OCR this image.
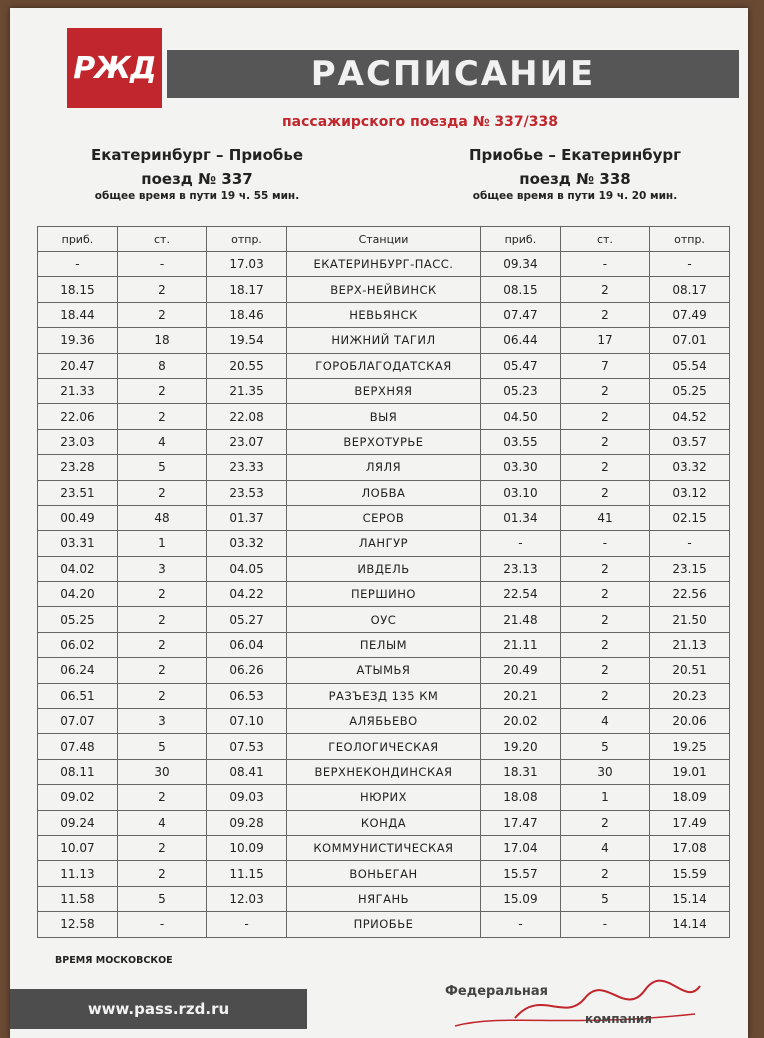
РЖД	РАСПИСАНИЕ
пассажирского поезда № 337/338
Екатеринбург – Приобье
поезд № 337
общее время в пути 19 ч. 55 мин.
Приобье – Екатеринбург
поезд № 338
общее время в пути 19 ч. 20 мин.
приб.	ст.	отпр.	Станции	приб.	ст.	отпр.
-	-	17.03	ЕКАТЕРИНБУРГ-ПАСС.	09.34	-	-
18.15	2	18.17	ВЕРХ-НЕЙВИНСК	08.15	2	08.17
18.44	2	18.46	НЕВЬЯНСК	07.47	2	07.49
19.36	18	19.54	НИЖНИЙ ТАГИЛ	06.44	17	07.01
20.47	8	20.55	ГОРОБЛАГОДАТСКАЯ	05.47	7	05.54
21.33	2	21.35	ВЕРХНЯЯ	05.23	2	05.25
22.06	2	22.08	ВЫЯ	04.50	2	04.52
23.03	4	23.07	ВЕРХОТУРЬЕ	03.55	2	03.57
23.28	5	23.33	ЛЯЛЯ	03.30	2	03.32
23.51	2	23.53	ЛОБВА	03.10	2	03.12
00.49	48	01.37	СЕРОВ	01.34	41	02.15
03.31	1	03.32	ЛАНГУР	-	-	-
04.02	3	04.05	ИВДЕЛЬ	23.13	2	23.15
04.20	2	04.22	ПЕРШИНО	22.54	2	22.56
05.25	2	05.27	ОУС	21.48	2	21.50
06.02	2	06.04	ПЕЛЫМ	21.11	2	21.13
06.24	2	06.26	АТЫМЬЯ	20.49	2	20.51
06.51	2	06.53	РАЗЪЕЗД 135 КМ	20.21	2	20.23
07.07	3	07.10	АЛЯБЬЕВО	20.02	4	20.06
07.48	5	07.53	ГЕОЛОГИЧЕСКАЯ	19.20	5	19.25
08.11	30	08.41	ВЕРХНЕКОНДИНСКАЯ	18.31	30	19.01
09.02	2	09.03	НЮРИХ	18.08	1	18.09
09.24	4	09.28	КОНДА	17.47	2	17.49
10.07	2	10.09	КОММУНИСТИЧЕСКАЯ	17.04	4	17.08
11.13	2	11.15	ВОНЬЕГАН	15.57	2	15.59
11.58	5	12.03	НЯГАНЬ	15.09	5	15.14
12.58	-	-	ПРИОБЬЕ	-	-	14.14
ВРЕМЯ МОСКОВСКОЕ
www.pass.rzd.ru
Федеральная
компания
